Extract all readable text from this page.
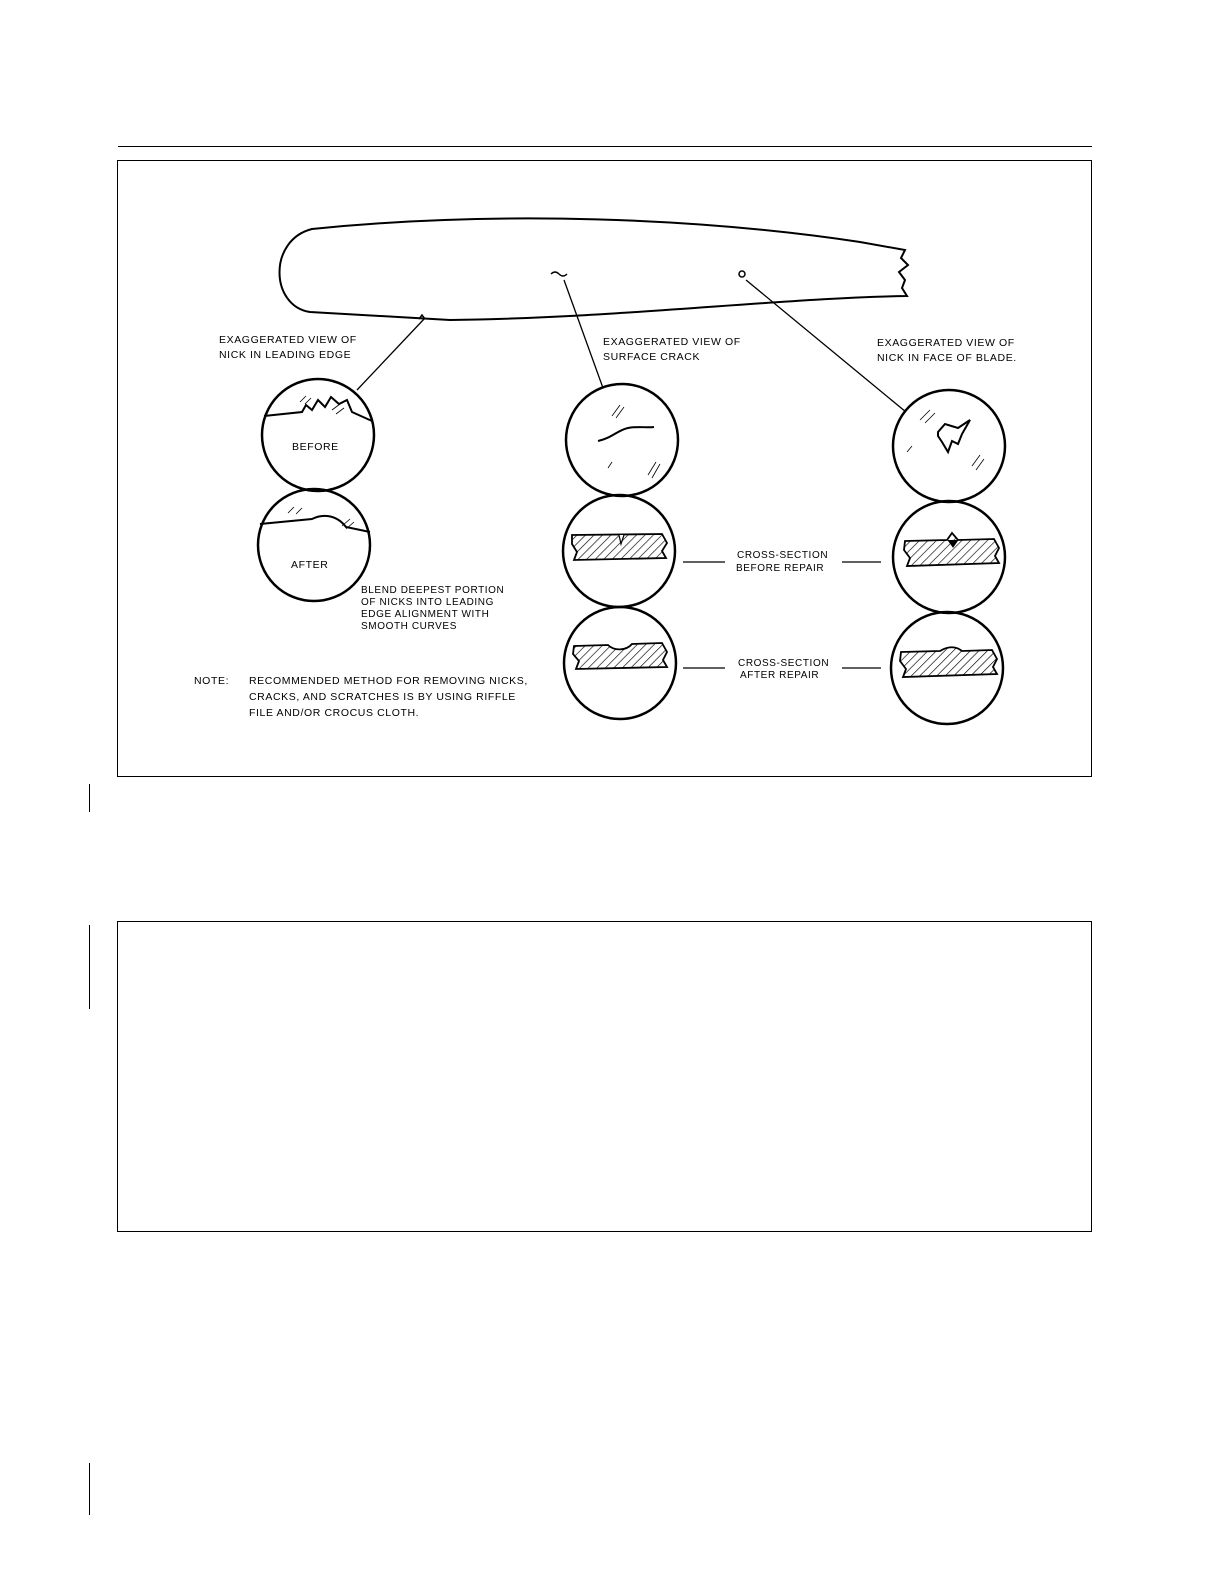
EXAGGERATED VIEW OF
NICK IN LEADING EDGE
EXAGGERATED VIEW OF
SURFACE CRACK
EXAGGERATED VIEW OF
NICK IN FACE OF BLADE.
BEFORE
AFTER
BLEND DEEPEST PORTION
OF NICKS INTO LEADING
EDGE ALIGNMENT WITH
SMOOTH CURVES
NOTE: RECOMMENDED METHOD FOR REMOVING NICKS,
CRACKS, AND SCRATCHES IS BY USING RIFFLE
FILE AND/OR CROCUS CLOTH.
CROSS-SECTION
BEFORE REPAIR
CROSS-SECTION
AFTER REPAIR
